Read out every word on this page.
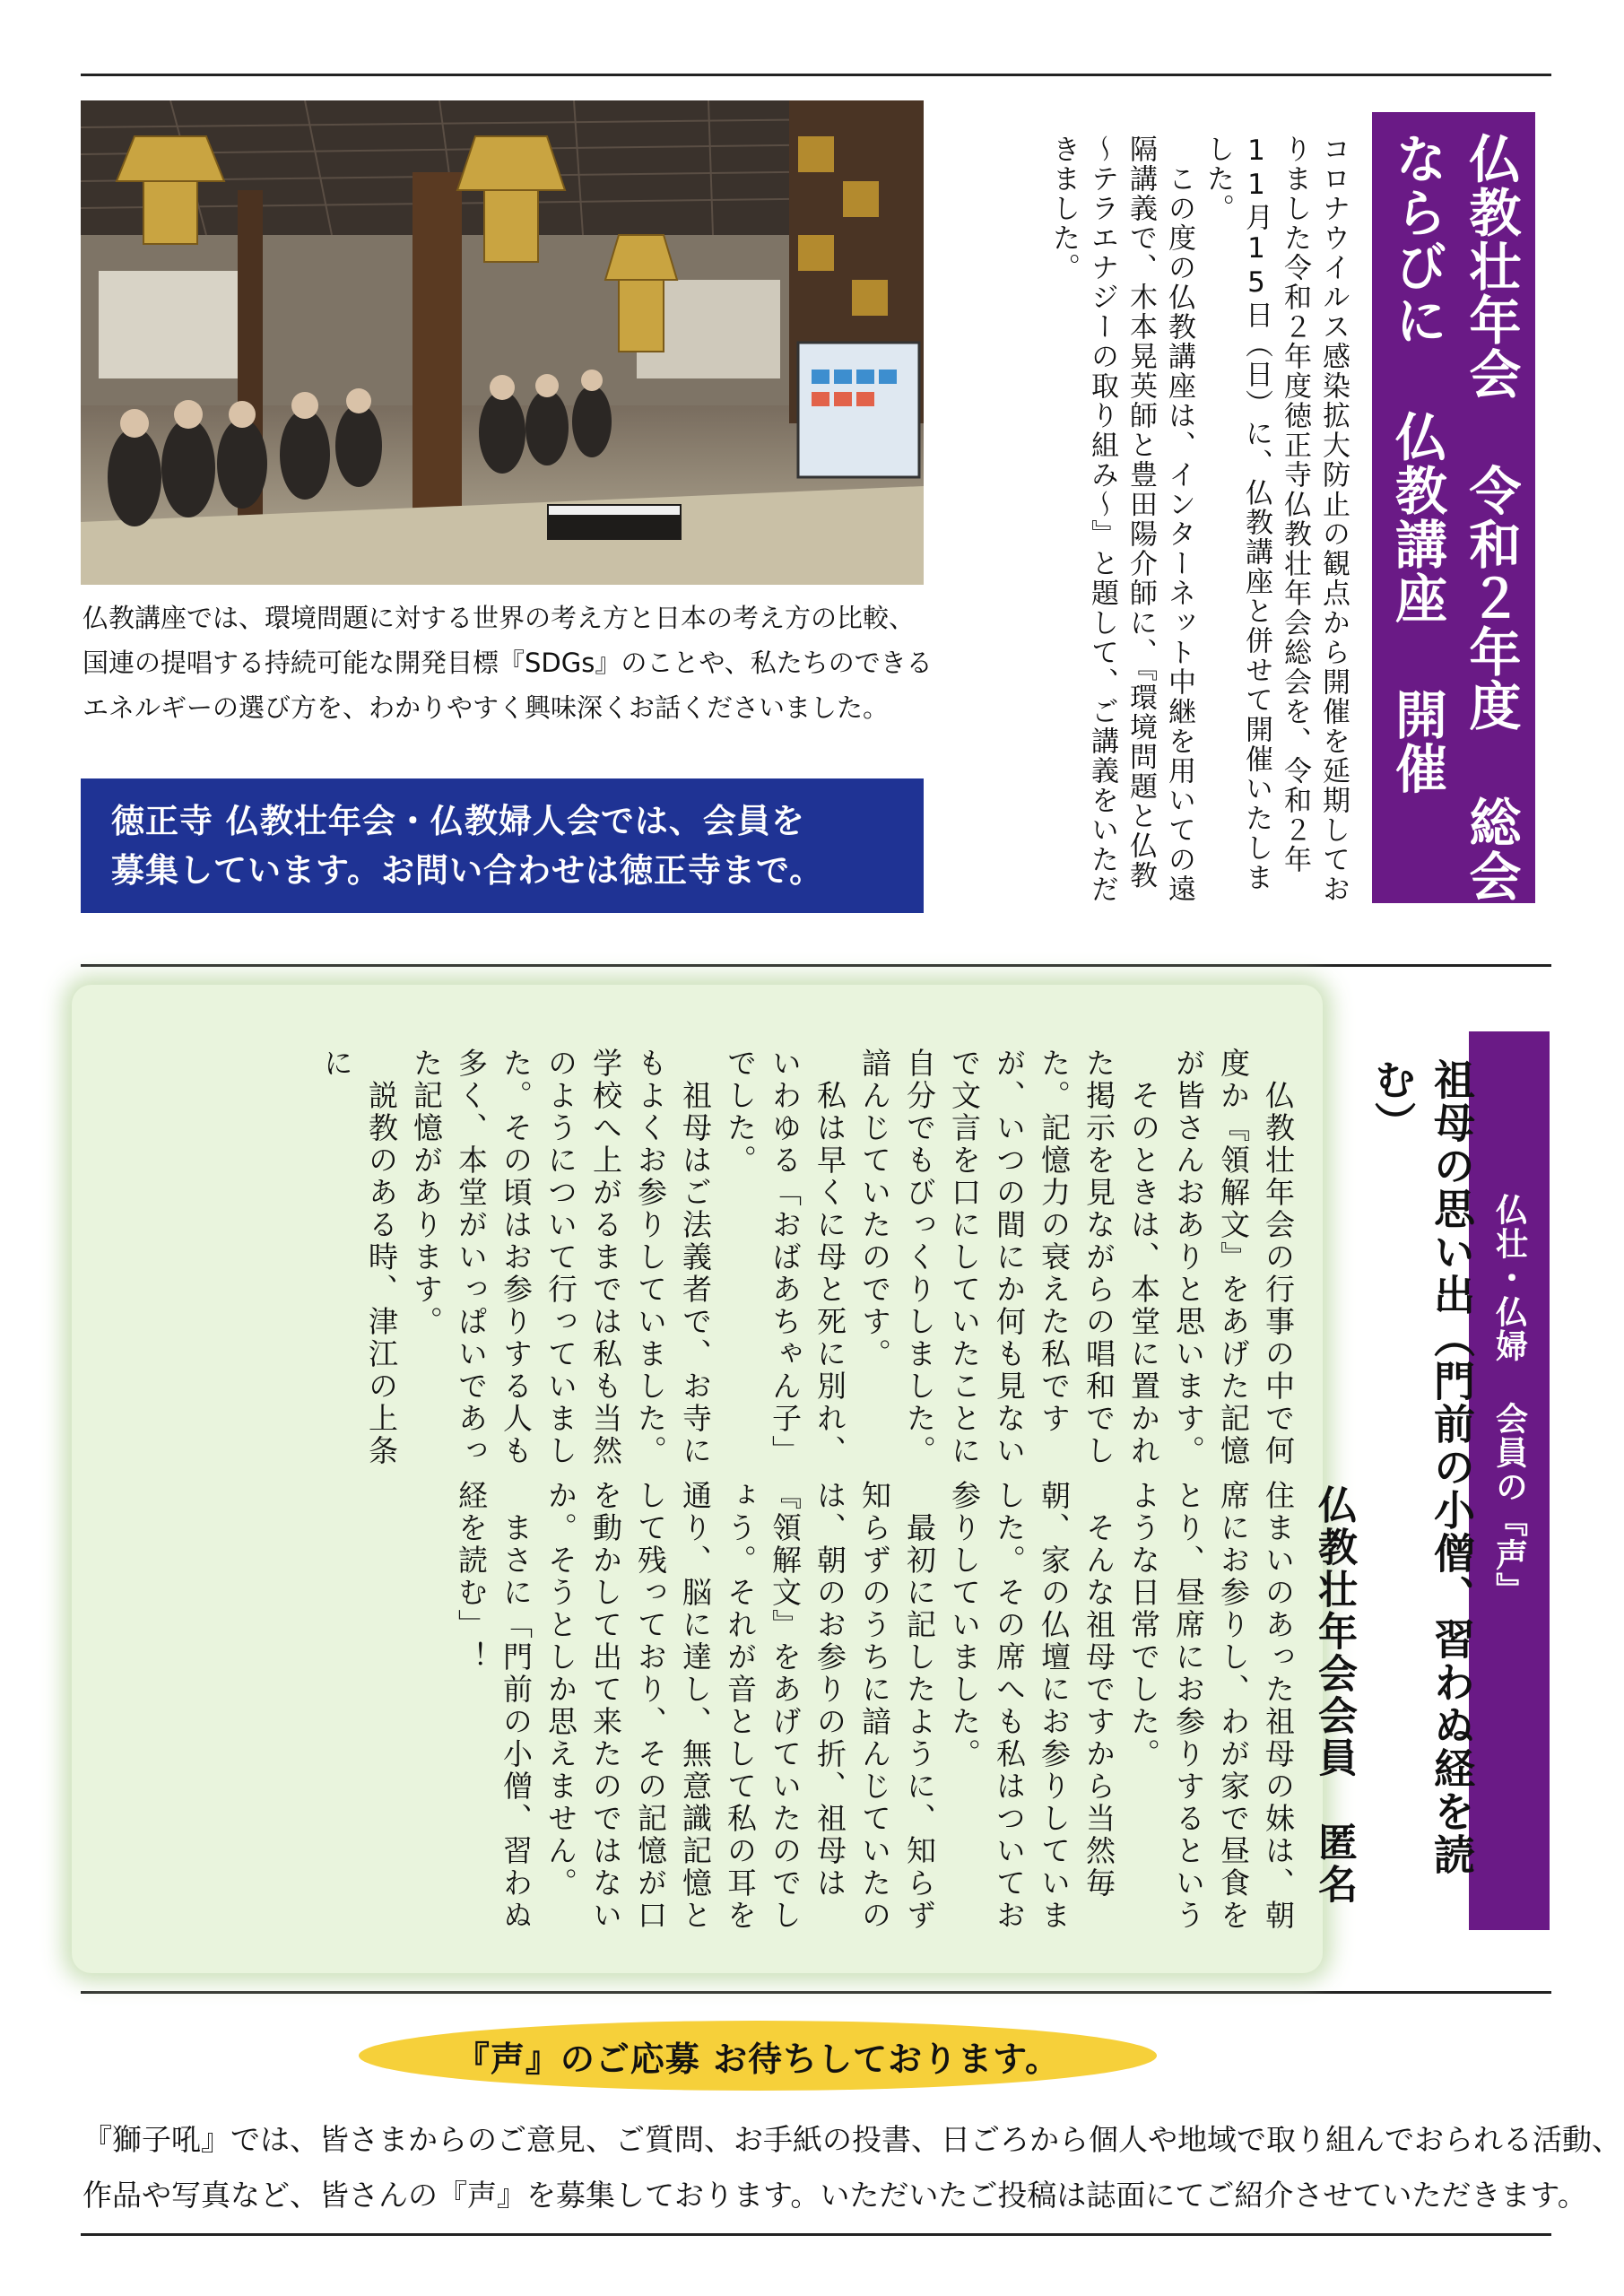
仏教壮年会 令和２年度 総会 ならびに 仏教講座 開催
コロナウイルス感染拡大防止の観点から開催を延期しておりました令和２年度徳正寺仏教壮年会総会を、令和２年11月15日（日）に、仏教講座と併せて開催いたしました。
　この度の仏教講座は、インターネット中継を用いての遠隔講義で、木本晃英師と豊田陽介師に、『環境問題と仏教～テラエナジーの取り組み～』と題して、ご講義をいただきました。
仏教講座では、環境問題に対する世界の考え方と日本の考え方の比較、
国連の提唱する持続可能な開発目標『SDGs』のことや、私たちのできる
エネルギーの選び方を、わかりやすく興味深くお話くださいました。
徳正寺 仏教壮年会・仏教婦人会では、会員を
募集しています。お問い合わせは徳正寺まで。
仏壮・仏婦 会員の『声』
祖母の思い出（門前の小僧、習わぬ経を読む）
仏教壮年会会員　匿名
　仏教壮年会の行事の中で何度か『領解文』をあげた記憶が皆さんおありと思います。
　そのときは、本堂に置かれた掲示を見ながらの唱和でした。記憶力の衰えた私ですが、いつの間にか何も見ないで文言を口にしていたことに自分でもびっくりしました。諳んじていたのです。
　私は早くに母と死に別れ、いわゆる「おばあちゃん子」でした。
　祖母はご法義者で、お寺にもよくお参りしていました。学校へ上がるまでは私も当然のようについて行っていました。その頃はお参りする人も多く、本堂がいっぱいであった記憶があります。
　説教のある時、津江の上条に
住まいのあった祖母の妹は、朝席にお参りし、わが家で昼食をとり、昼席にお参りするというような日常でした。
　そんな祖母ですから当然毎朝、家の仏壇にお参りしていました。その席へも私はついてお参りしていました。
　最初に記したように、知らず知らずのうちに諳んじていたのは、朝のお参りの折、祖母は『領解文』をあげていたのでしょう。それが音として私の耳を通り、脳に達し、無意識記憶として残っており、その記憶が口を動かして出て来たのではないか。そうとしか思えません。
　まさに「門前の小僧、習わぬ経を読む」！
『声』のご応募 お待ちしております。
『獅子吼』では、皆さまからのご意見、ご質問、お手紙の投書、日ごろから個人や地域で取り組んでおられる活動、
作品や写真など、皆さんの『声』を募集しております。いただいたご投稿は誌面にてご紹介させていただきます。
